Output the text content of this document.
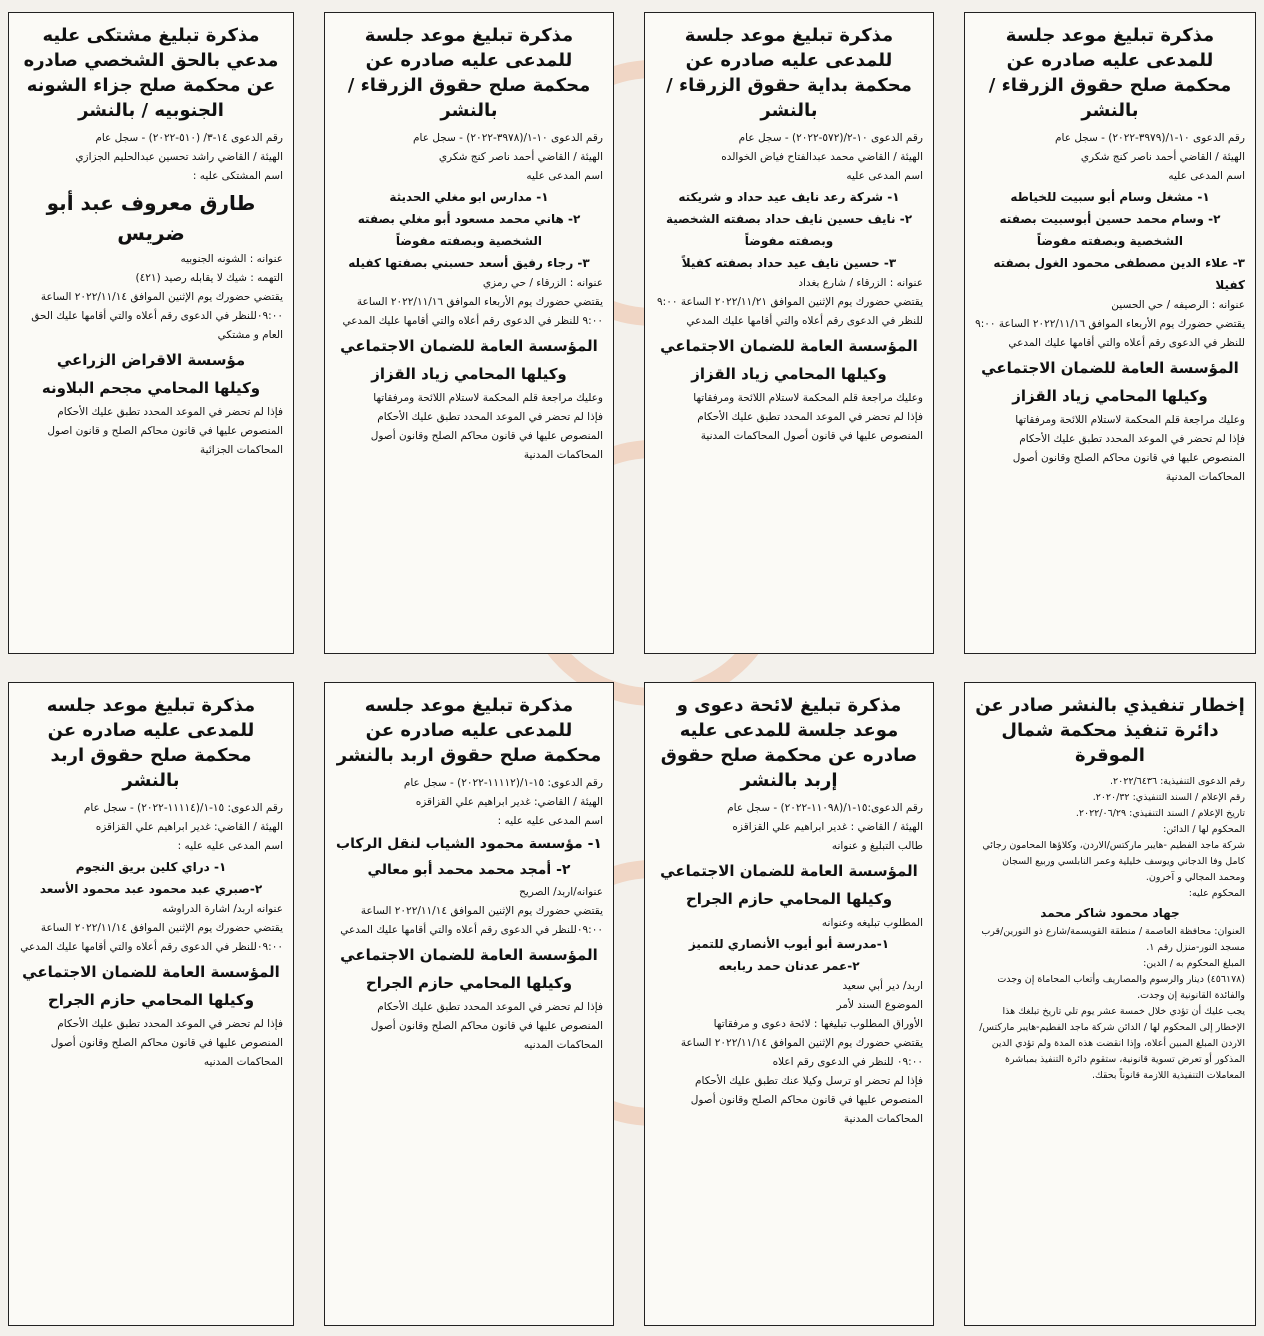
مذكرة تبليغ موعد جلسة للمدعى عليه صادره عن محكمة صلح حقوق الزرقاء / بالنشر

رقم الدعوى ١٠-١/(٣٩٧٩-٢٠٢٢) - سجل عام

الهيئة / القاضي أحمد ناصر كنج شكري

اسم المدعى عليه

١- مشغل وسام أبو سبيت للخياطه

٢- وسام محمد حسين أبوسبيت بصفته الشخصية وبصفته مفوضاً

٣- علاء الدين مصطفى محمود الغول بصفته كفيلا

عنوانه : الرصيفه / حي الحسين

يقتضي حضورك يوم الأربعاء الموافق ٢٠٢٢/١١/١٦ الساعة ٩:٠٠ للنظر في الدعوى رقم أعلاه والتي أقامها عليك المدعي

المؤسسة العامة للضمان الاجتماعي

وكيلها المحامي زياد القزاز

وعليك مراجعة قلم المحكمة لاستلام اللائحة ومرفقاتها

فإذا لم تحضر في الموعد المحدد تطبق عليك الأحكام المنصوص عليها في قانون محاكم الصلح وقانون أصول المحاكمات المدنية

مذكرة تبليغ موعد جلسة للمدعى عليه صادره عن محكمة بداية حقوق الزرقاء / بالنشر

رقم الدعوى ١٠-٢/(٥٧٢-٢٠٢٢) - سجل عام

الهيئة / القاضي محمد عبدالفتاح فياض الخوالده

اسم المدعى عليه

١- شركة رعد نايف عيد حداد و شريكته

٢- نايف حسين نايف حداد بصفته الشخصية وبصفته مفوضاً

٣- حسين نايف عيد حداد بصفته كفيلاً

عنوانه : الزرقاء / شارع بغداد

يقتضي حضورك يوم الإثنين الموافق ٢٠٢٢/١١/٢١ الساعة ٩:٠٠ للنظر في الدعوى رقم أعلاه والتي أقامها عليك المدعي

المؤسسة العامة للضمان الاجتماعي

وكيلها المحامي زياد القزاز

وعليك مراجعة قلم المحكمة لاستلام اللائحة ومرفقاتها

فإذا لم تحضر في الموعد المحدد تطبق عليك الأحكام المنصوص عليها في قانون أصول المحاكمات المدنية

مذكرة تبليغ موعد جلسة للمدعى عليه صادره عن محكمة صلح حقوق الزرقاء / بالنشر

رقم الدعوى ١٠-١/(٣٩٧٨-٢٠٢٢) - سجل عام

الهيئة / القاضي أحمد ناصر كنج شكري

اسم المدعى عليه

١- مدارس ابو مغلي الحديثة

٢- هاني محمد مسعود أبو مغلي بصفته الشخصية وبصفته مفوضاً

٣- رجاء رفيق أسعد حسبني بصفتها كفيله

عنوانه : الزرقاء / حي رمزي

يقتضي حضورك يوم الأربعاء الموافق ٢٠٢٢/١١/١٦ الساعة ٩:٠٠ للنظر في الدعوى رقم أعلاه والتي أقامها عليك المدعي

المؤسسة العامة للضمان الاجتماعي

وكيلها المحامي زياد القزاز

وعليك مراجعة قلم المحكمة لاستلام اللائحة ومرفقاتها

فإذا لم تحضر في الموعد المحدد تطبق عليك الأحكام المنصوص عليها في قانون محاكم الصلح وقانون أصول المحاكمات المدنية

مذكرة تبليغ مشتكى عليه مدعي بالحق الشخصي صادره عن محكمة صلح جزاء الشونه الجنوبيه / بالنشر

رقم الدعوى ١٤-٣/ (٥١٠-٢٠٢٢) - سجل عام

الهيئة / القاضي راشد تحسين عبدالحليم الجزازي

اسم المشتكى عليه :

طارق معروف عبد أبو ضريس

عنوانه : الشونه الجنوبيه

التهمه : شيك لا يقابله رصيد (٤٢١)

يقتضي حضورك يوم الإثنين الموافق ٢٠٢٢/١١/١٤ الساعة ٠٩:٠٠للنظر في الدعوى رقم أعلاه والتي أقامها عليك الحق العام و مشتكي

مؤسسة الاقراض الزراعي

وكيلها المحامي مجحم البلاونه

فإذا لم تحضر في الموعد المحدد تطبق عليك الأحكام المنصوص عليها في قانون محاكم الصلح و قانون اصول المحاكمات الجزائية

إخطار تنفيذي بالنشر صادر عن دائرة تنفيذ محكمة شمال الموقرة

رقم الدعوى التنفيذية: ٢٠٢٢/٦٤٣٦.

رقم الإعلام / السند التنفيذي: ٢٠٢٠/٣٢.

تاريخ الإعلام / السند التنفيذي: ٢٠٢٢/٠٦/٢٩.

المحكوم لها / الدائن:

شركة ماجد الفطيم -هايبر ماركتس/الاردن، وكلاؤها المحامون رجائي كامل وفا الدجاني ويوسف خليلية وعمر النابلسي وربيع السجان ومحمد المجالي و آخرون.

المحكوم عليه:

جهاد محمود شاكر محمد

العنوان: محافظة العاصمة / منطقة القويسمة/شارع ذو النورين/قرب مسجد النور-منزل رقم ١.

المبلغ المحكوم به / الدين:

(٤٥٦١٧٨) دينار والرسوم والمصاريف وأتعاب المحاماة إن وجدت والفائدة القانونية إن وجدت.

يجب عليك أن تؤدي خلال خمسة عشر يوم تلي تاريخ تبلغك هذا الإخطار إلى المحكوم لها / الدائن شركة ماجد الفطيم-هايبر ماركتس/الاردن المبلغ المبين أعلاه، وإذا انقضت هذه المدة ولم تؤدي الدين المذكور أو تعرض تسوية قانونية، ستقوم دائرة التنفيذ بمباشرة المعاملات التنفيذية اللازمة قانوناً بحقك.

مذكرة تبليغ لائحة دعوى و موعد جلسة للمدعى عليه صادره عن محكمة صلح حقوق إربد بالنشر

رقم الدعوى:١٥-١/(١١٠٩٨-٢٠٢٢) - سجل عام

الهيئة / القاضي : غدير ابراهيم علي القزاقزه

طالب التبليغ و عنوانه

المؤسسة العامة للضمان الاجتماعي

وكيلها المحامي حازم الجراح

المطلوب تبليغه وعنوانه

١-مدرسة أبو أيوب الأنصاري للتميز

٢-عمر عدنان حمد ربابعه

اربد/ دير أبي سعيد

الموضوع السند لأمر

الأوراق المطلوب تبليغها : لائحة دعوى و مرفقاتها

يقتضي حضورك يوم الإثنين الموافق ٢٠٢٢/١١/١٤ الساعة ٠٩:٠٠ للنظر في الدعوى رقم اعلاه

فإذا لم تحضر او ترسل وكيلا عنك تطبق عليك الأحكام المنصوص عليها في قانون محاكم الصلح وقانون أصول المحاكمات المدنية

مذكرة تبليغ موعد جلسه للمدعى عليه صادره عن محكمة صلح حقوق اربد بالنشر

رقم الدعوى: ١٥-١/(١١١١٢-٢٠٢٢) - سجل عام

الهيئة / القاضي: غدير ابراهيم علي القزاقزه

اسم المدعى عليه عليه :

١- مؤسسة محمود الشياب لنقل الركاب

٢- أمجد محمد محمد أبو معالي

عنوانه/اربد/ الصريح

يقتضي حضورك يوم الإثنين الموافق ٢٠٢٢/١١/١٤ الساعة ٠٩:٠٠للنظر في الدعوى رقم أعلاه والتي أقامها عليك المدعي

المؤسسة العامة للضمان الاجتماعي

وكيلها المحامي حازم الجراح

فإذا لم تحضر في الموعد المحدد تطبق عليك الأحكام المنصوص عليها في قانون محاكم الصلح وقانون أصول المحاكمات المدنيه

مذكرة تبليغ موعد جلسه للمدعى عليه صادره عن محكمة صلح حقوق اربد بالنشر

رقم الدعوى: ١٥-١/(١١١١٤-٢٠٢٢) - سجل عام

الهيئة / القاضي: غدير ابراهيم علي القزاقزه

اسم المدعى عليه عليه :

١- دراي كلين بريق النجوم

٢-صبري عبد محمود عبد محمود الأسعد

عنوانه اربد/ اشارة الدراوشه

يقتضي حضورك يوم الإثنين الموافق ٢٠٢٢/١١/١٤ الساعة ٠٩:٠٠للنظر في الدعوى رقم أعلاه والتي أقامها عليك المدعي

المؤسسة العامة للضمان الاجتماعي

وكيلها المحامي حازم الجراح

فإذا لم تحضر في الموعد المحدد تطبق عليك الأحكام المنصوص عليها في قانون محاكم الصلح وقانون أصول المحاكمات المدنيه
